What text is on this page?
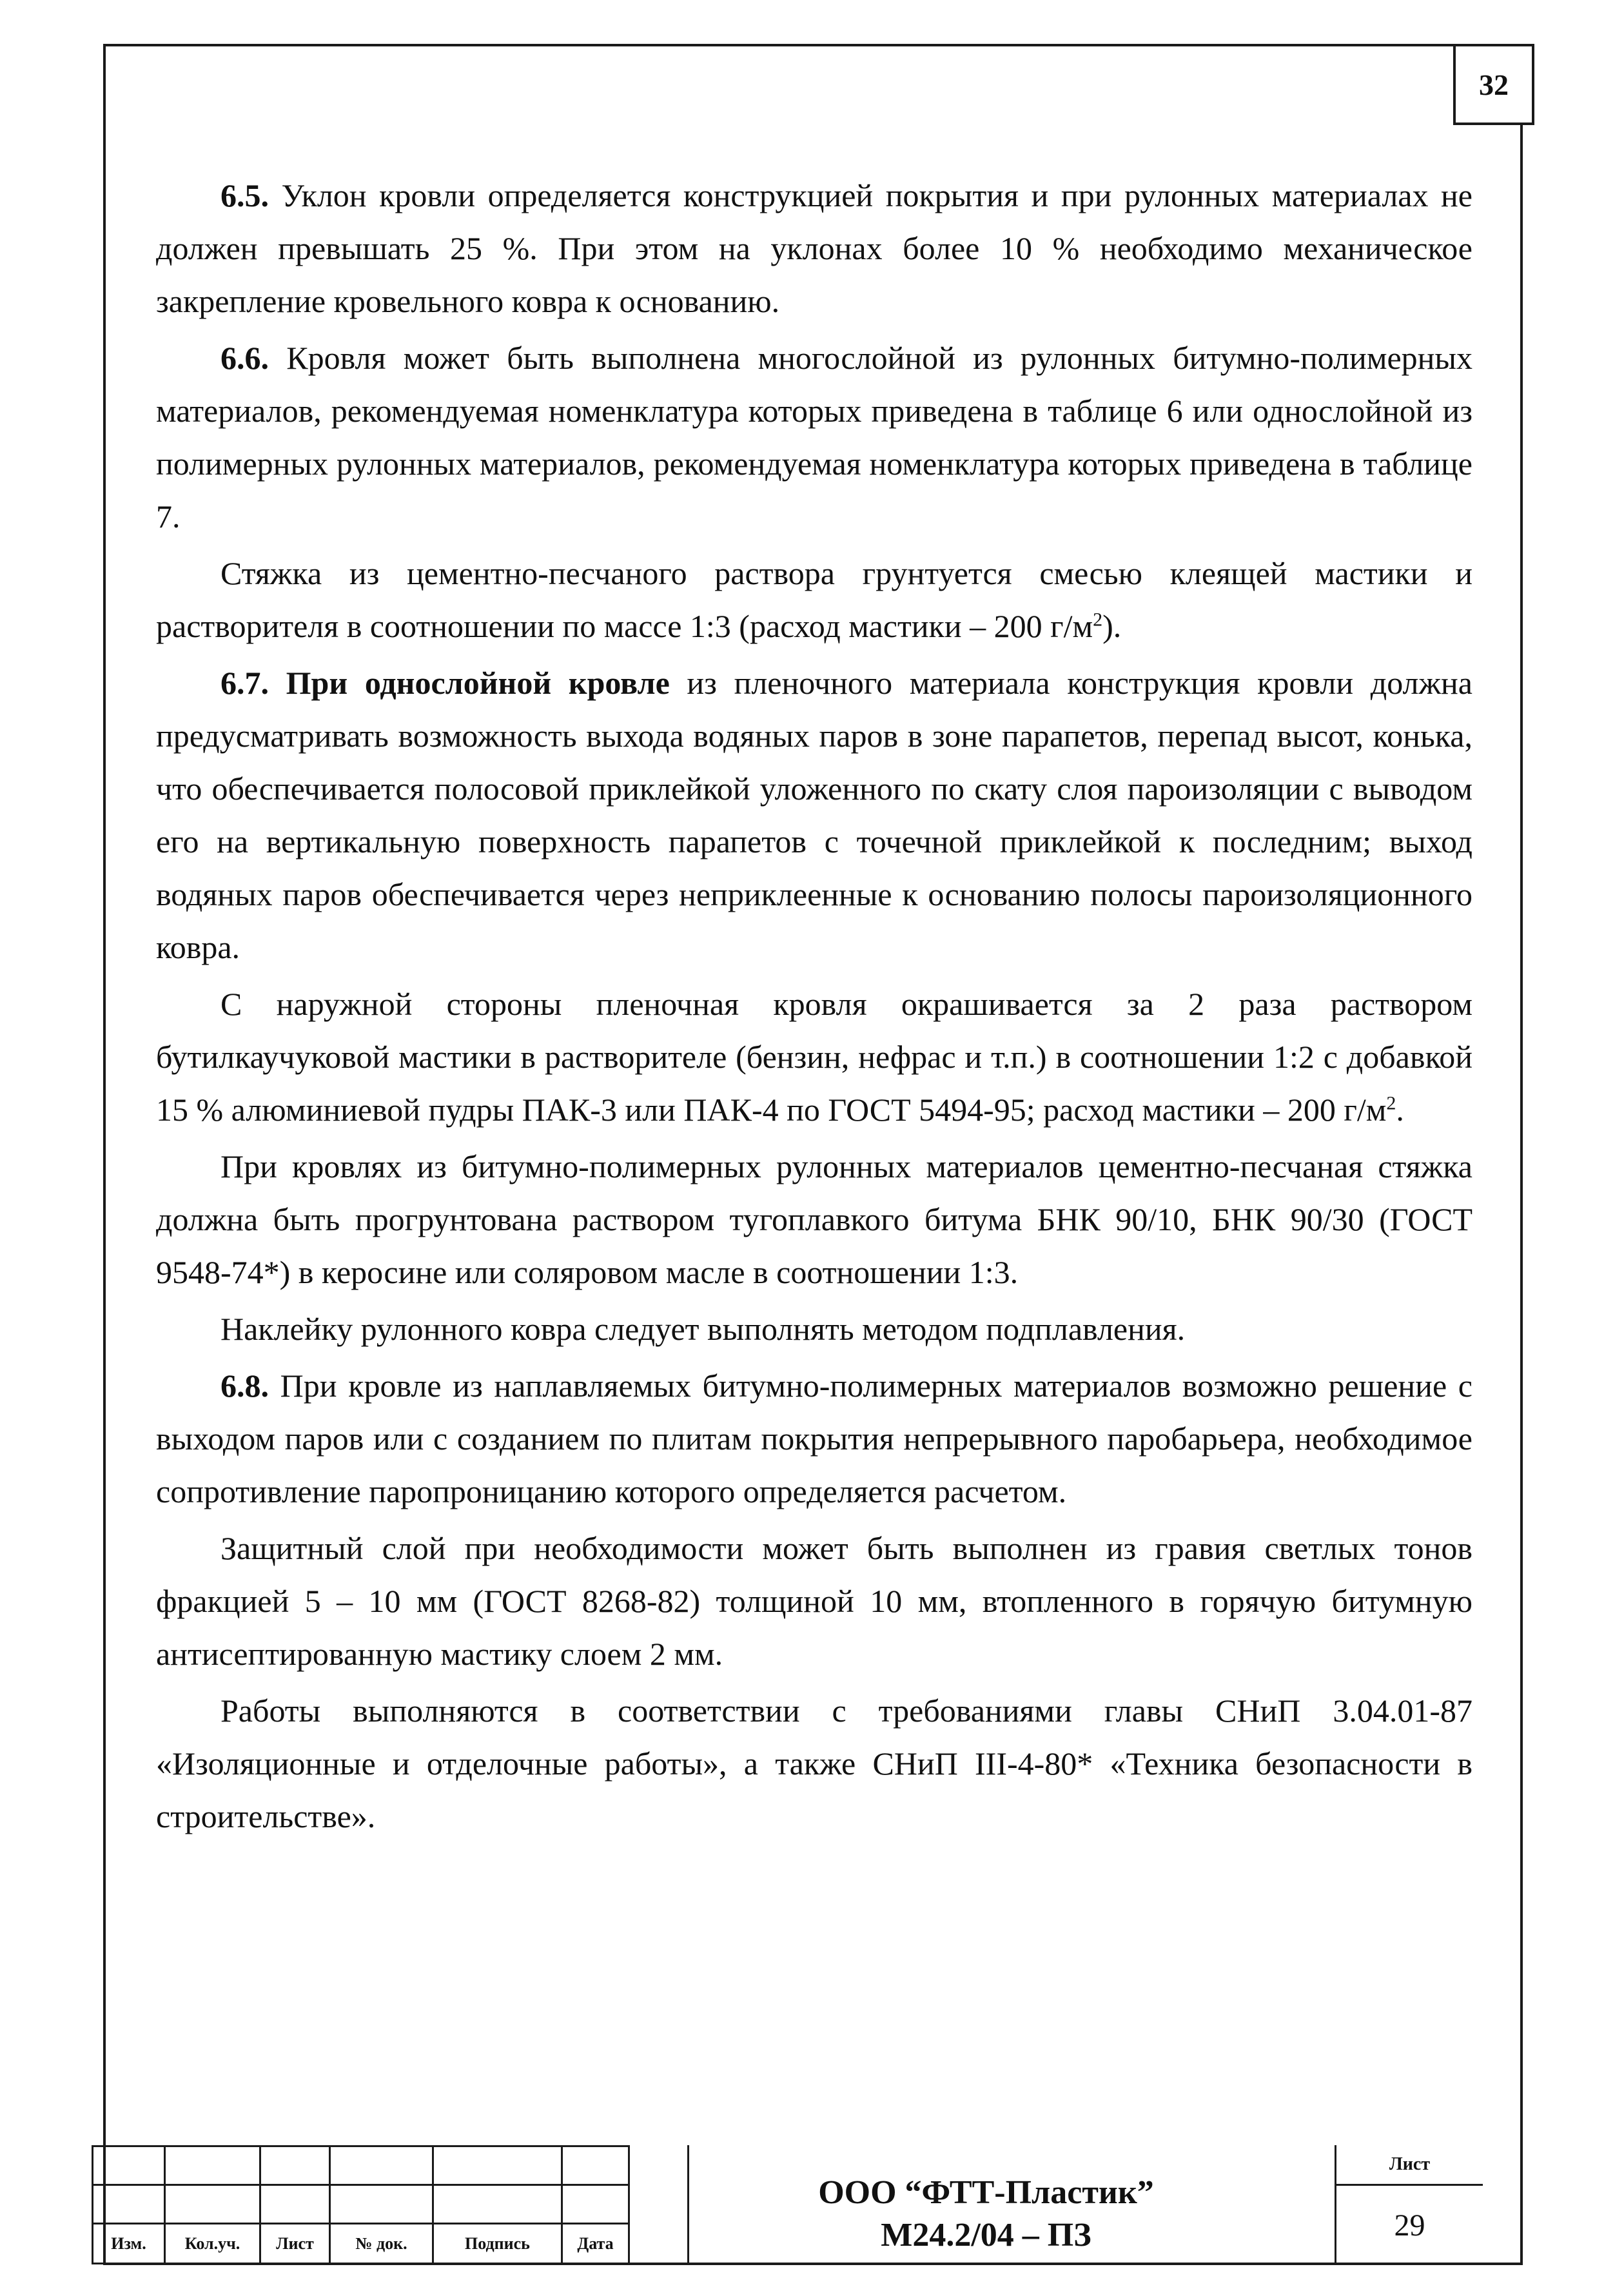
32

6.5. Уклон кровли определяется конструкцией покрытия и при рулонных материалах не должен превышать 25 %. При этом на уклонах более 10 % необходимо механическое закрепление кровельного ковра к основанию.

6.6. Кровля может быть выполнена многослойной из рулонных битумно-полимерных материалов, рекомендуемая номенклатура которых приведена в таблице 6 или однослойной из полимерных рулонных материалов, рекомендуемая номенклатура которых приведена в таблице 7.

Стяжка из цементно-песчаного раствора грунтуется смесью клеящей мастики и растворителя в соотношении по массе 1:3 (расход мастики – 200 $г/м^2$).

6.7. При однослойной кровле из пленочного материала конструкция кровли должна предусматривать возможность выхода водяных паров в зоне парапетов, перепад высот, конька, что обеспечивается полосовой приклейкой уложенного по скату слоя пароизоляции с выводом его на вертикальную поверхность парапетов с точечной приклейкой к последним; выход водяных паров обеспечивается через неприклеенные к основанию полосы пароизоляционного ковра.

С наружной стороны пленочная кровля окрашивается за 2 раза раствором бутилкаучуковой мастики в растворителе (бензин, нефрас и т.п.) в соотношении 1:2 с добавкой 15 % алюминиевой пудры ПАК-3 или ПАК-4 по ГОСТ 5494-95; расход мастики – 200 $г/м^2$.

При кровлях из битумно-полимерных рулонных материалов цементно-песчаная стяжка должна быть прогрунтована раствором тугоплавкого битума БНК 90/10, БНК 90/30 (ГОСТ 9548-74*) в керосине или соляровом масле в соотношении 1:3.

Наклейку рулонного ковра следует выполнять методом подплавления.

6.8. При кровле из наплавляемых битумно-полимерных материалов возможно решение с выходом паров или с созданием по плитам покрытия непрерывного паробарьера, необходимое сопротивление паропроницанию которого определяется расчетом.

Защитный слой при необходимости может быть выполнен из гравия светлых тонов фракцией 5 – 10 мм (ГОСТ 8268-82) толщиной 10 мм, втопленного в горячую битумную антисептированную мастику слоем 2 мм.

Работы выполняются в соответствии с требованиями главы СНиП 3.04.01-87 «Изоляционные и отделочные работы», а также СНиП III-4-80* «Техника безопасности в строительстве».

Изм.	Кол.уч.	Лист	№ док.	Подпись	Дата
ООО “ФТТ-Пластик”
М24.2/04 – ПЗ
Лист
29
